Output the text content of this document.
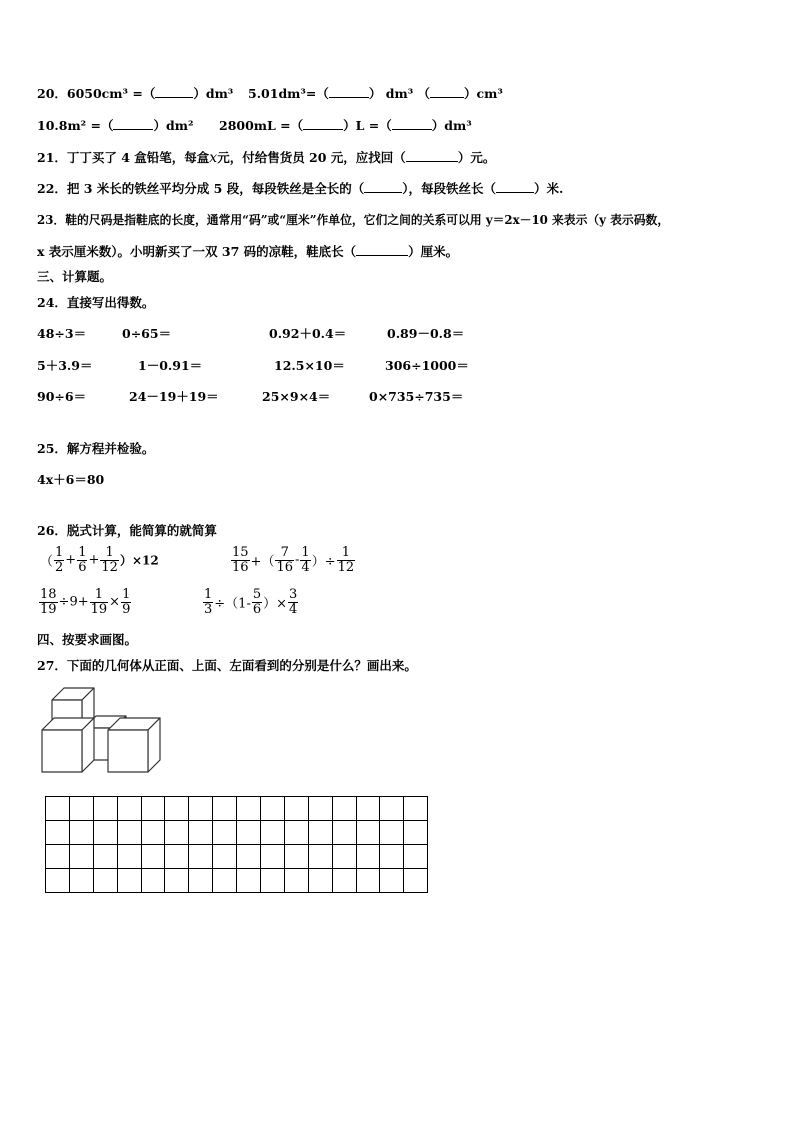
20．6050cm³ =（	）dm³ 5.01dm³=（	） dm³ （	）cm³
10.8m² =（	）dm² 2800mL =（	）L =（	）dm³
21．丁丁买了 4 盒铅笔，每盒x元，付给售货员 20 元，应找回（	）元。
22．把 3 米长的铁丝平均分成 5 段，每段铁丝是全长的（	），每段铁丝长（	）米.
23．鞋的尺码是指鞋底的长度，通常用“码”或“厘米”作单位，它们之间的关系可以用 y＝2x－10 来表示（y 表示码数，
x 表示厘米数）。小明新买了一双 37 码的凉鞋，鞋底长（	）厘米。
三、计算题。
24．直接写出得数。
48÷3＝	0÷65＝	0.92＋0.4＝	0.89－0.8＝
5＋3.9＝	1－0.91＝	12.5×10＝	306÷1000＝
90÷6＝	24－19＋19＝	25×9×4＝	0×735÷735＝
25．解方程并检验。
4x＋6＝80
26．脱式计算，能简算的就简算
（ $\frac{1}{2} + \frac{1}{6} + \frac{1}{12} )\times 12$	$\frac{15}{16}$ +（ $\frac{7}{16} - \frac{1}{4}$ ）÷ $\frac{1}{12}$
$\frac{18}{19} \div 9+ \frac{1}{19} \times \frac{1}{9}$	$\frac{1}{3} \div(1- \frac{5}{6}$ ）× $\frac{3}{4}$
四、按要求画图。
27．下面的几何体从正面、上面、左面看到的分别是什么？画出来。
